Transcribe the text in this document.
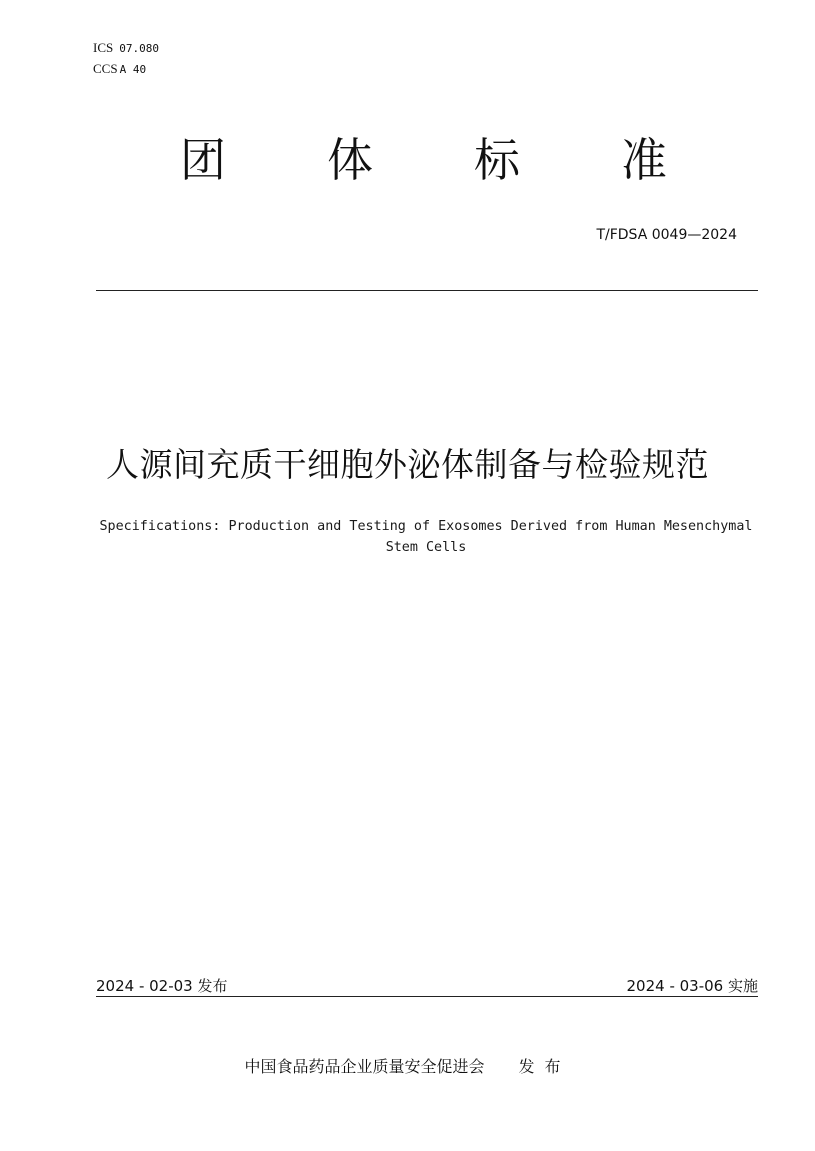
ICS 07.080
CCS A 40
团 体 标 准
T/FDSA 0049—2024
人源间充质干细胞外泌体制备与检验规范
Specifications: Production and Testing of Exosomes Derived from Human Mesenchymal Stem Cells
2024 - 02-03 发布	2024 - 03-06 实施
中国食品药品企业质量安全促进会 发布
